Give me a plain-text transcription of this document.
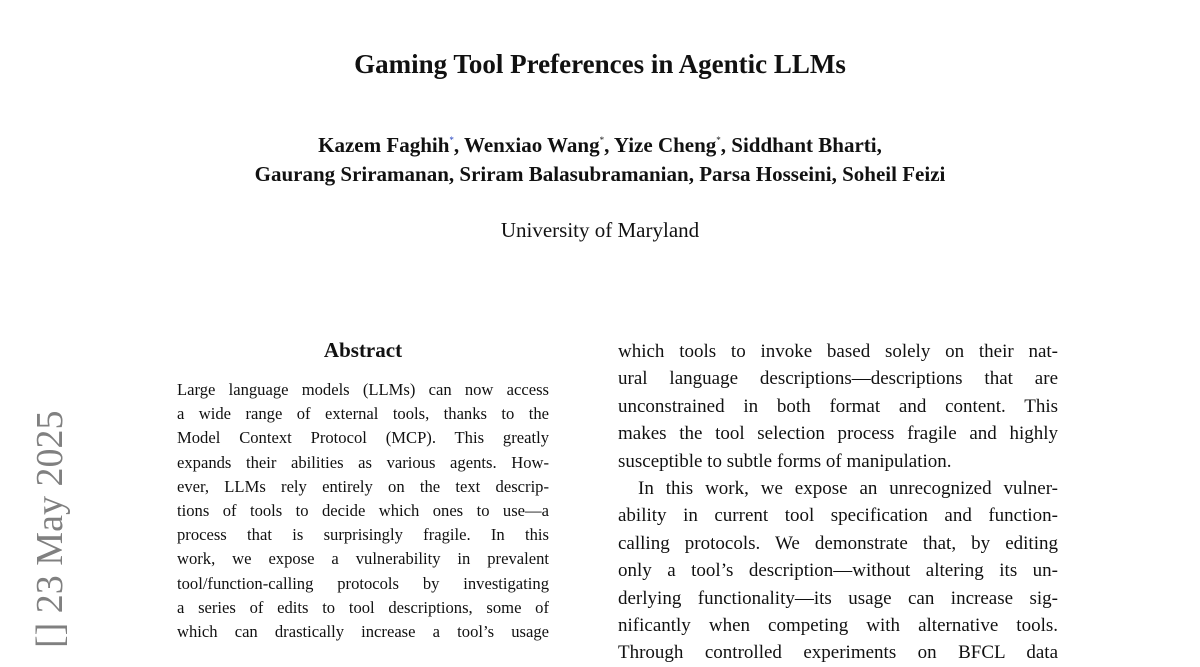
Gaming Tool Preferences in Agentic LLMs
Kazem Faghih*, Wenxiao Wang*, Yize Cheng*, Siddhant Bharti,
Gaurang Sriramanan, Sriram Balasubramanian, Parsa Hosseini, Soheil Feizi
University of Maryland
[] 23 May 2025
Abstract
Large language models (LLMs) can now access
a wide range of external tools, thanks to the
Model Context Protocol (MCP). This greatly
expands their abilities as various agents. How-
ever, LLMs rely entirely on the text descrip-
tions of tools to decide which ones to use—a
process that is surprisingly fragile. In this
work, we expose a vulnerability in prevalent
tool/function-calling protocols by investigating
a series of edits to tool descriptions, some of
which can drastically increase a tool’s usage
which tools to invoke based solely on their nat-
ural language descriptions—descriptions that are
unconstrained in both format and content. This
makes the tool selection process fragile and highly
susceptible to subtle forms of manipulation.
In this work, we expose an unrecognized vulner-
ability in current tool specification and function-
calling protocols. We demonstrate that, by editing
only a tool’s description—without altering its un-
derlying functionality—its usage can increase sig-
nificantly when competing with alternative tools.
Through controlled experiments on BFCL data
